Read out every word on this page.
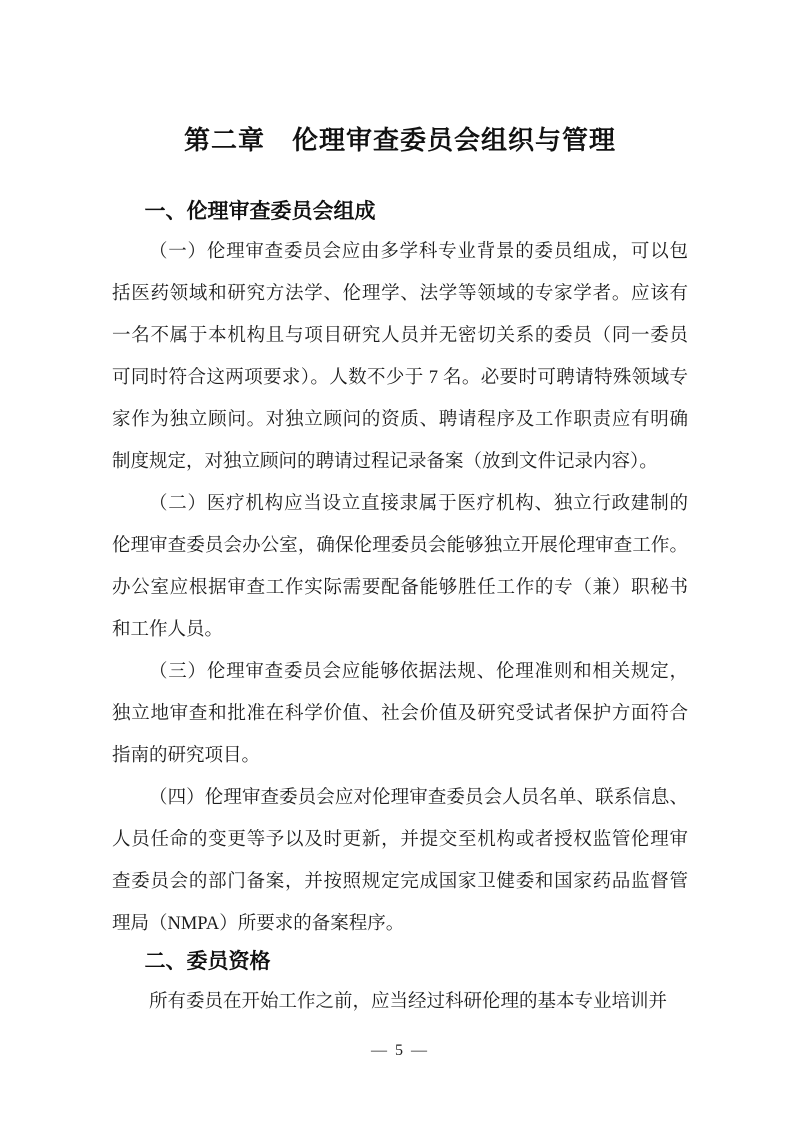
第二章　伦理审查委员会组织与管理
一、伦理审查委员会组成
（一）伦理审查委员会应由多学科专业背景的委员组成，可以包
括医药领域和研究方法学、伦理学、法学等领域的专家学者。应该有
一名不属于本机构且与项目研究人员并无密切关系的委员（同一委员
可同时符合这两项要求）。人数不少于 7 名。必要时可聘请特殊领域专
家作为独立顾问。对独立顾问的资质、聘请程序及工作职责应有明确
制度规定，对独立顾问的聘请过程记录备案（放到文件记录内容）。
（二）医疗机构应当设立直接隶属于医疗机构、独立行政建制的
伦理审查委员会办公室，确保伦理委员会能够独立开展伦理审查工作。
办公室应根据审查工作实际需要配备能够胜任工作的专（兼）职秘书
和工作人员。
（三）伦理审查委员会应能够依据法规、伦理准则和相关规定，
独立地审查和批准在科学价值、社会价值及研究受试者保护方面符合
指南的研究项目。
（四）伦理审查委员会应对伦理审查委员会人员名单、联系信息、
人员任命的变更等予以及时更新，并提交至机构或者授权监管伦理审
查委员会的部门备案，并按照规定完成国家卫健委和国家药品监督管
理局（NMPA）所要求的备案程序。
二、委员资格
所有委员在开始工作之前，应当经过科研伦理的基本专业培训并
— 5 —
